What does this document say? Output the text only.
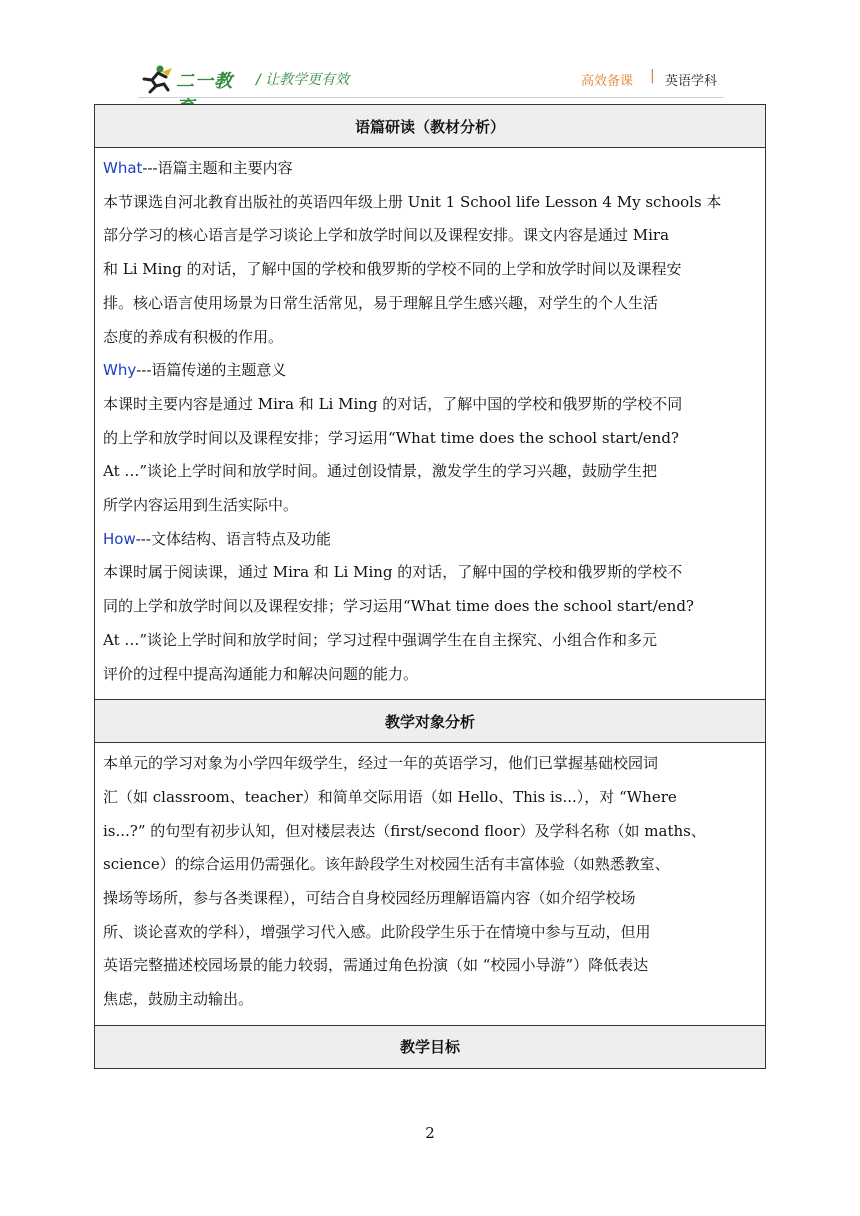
二一教	/ 让教学更有效	高效备课 | 英语学科
语篇研读（教材分析）

What---语篇主题和主要内容
本节课选自河北教育出版社的英语四年级上册 Unit 1 School life Lesson 4 My schools 本
部分学习的核心语言是学习谈论上学和放学时间以及课程安排。课文内容是通过 Mira
和 Li Ming 的对话，了解中国的学校和俄罗斯的学校不同的上学和放学时间以及课程安
排。核心语言使用场景为日常生活常见，易于理解且学生感兴趣，对学生的个人生活
态度的养成有积极的作用。
Why---语篇传递的主题意义
本课时主要内容是通过 Mira 和 Li Ming 的对话，了解中国的学校和俄罗斯的学校不同
的上学和放学时间以及课程安排；学习运用“What time does the school start/end?
At …”谈论上学时间和放学时间。通过创设情景，激发学生的学习兴趣，鼓励学生把
所学内容运用到生活实际中。
How---文体结构、语言特点及功能
本课时属于阅读课，通过 Mira 和 Li Ming 的对话，了解中国的学校和俄罗斯的学校不
同的上学和放学时间以及课程安排；学习运用“What time does the school start/end?
At …”谈论上学时间和放学时间；学习过程中强调学生在自主探究、小组合作和多元
评价的过程中提高沟通能力和解决问题的能力。

教学对象分析

本单元的学习对象为小学四年级学生，经过一年的英语学习，他们已掌握基础校园词
汇（如 classroom、teacher）和简单交际用语（如 Hello、This is...），对 “Where
is...?” 的句型有初步认知，但对楼层表达（first/second floor）及学科名称（如 maths、
science）的综合运用仍需强化。该年龄段学生对校园生活有丰富体验（如熟悉教室、
操场等场所，参与各类课程），可结合自身校园经历理解语篇内容（如介绍学校场
所、谈论喜欢的学科），增强学习代入感。此阶段学生乐于在情境中参与互动，但用
英语完整描述校园场景的能力较弱，需通过角色扮演（如 “校园小导游”）降低表达
焦虑，鼓励主动输出。

教学目标
2
